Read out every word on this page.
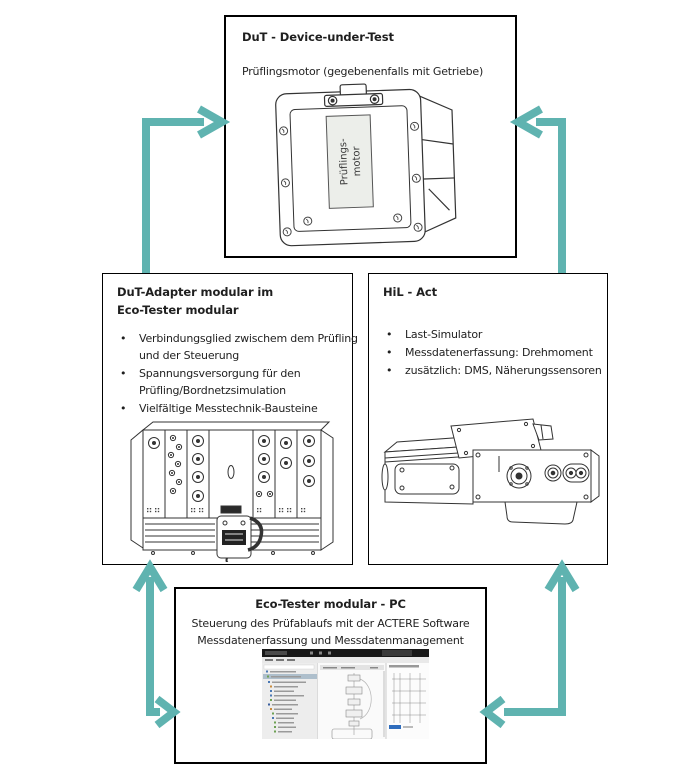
DuT - Device-under-Test
Prüflingsmotor (gegebenenfalls mit Getriebe)
Prüflings- motor
DuT-Adapter modular im
Eco-Tester modular
• Verbindungsglied zwischem dem Prüfling
und der Steuerung
• Spannungsversorgung für den
Prüfling/Bordnetzsimulation
• Vielfältige Messtechnik-Bausteine
HiL - Act
• Last-Simulator
• Messdatenerfassung: Drehmoment
• zusätzlich: DMS, Näherungssensoren
Eco-Tester modular - PC
Steuerung des Prüfablaufs mit der ACTERE Software
Messdatenerfassung und Messdatenmanagement
